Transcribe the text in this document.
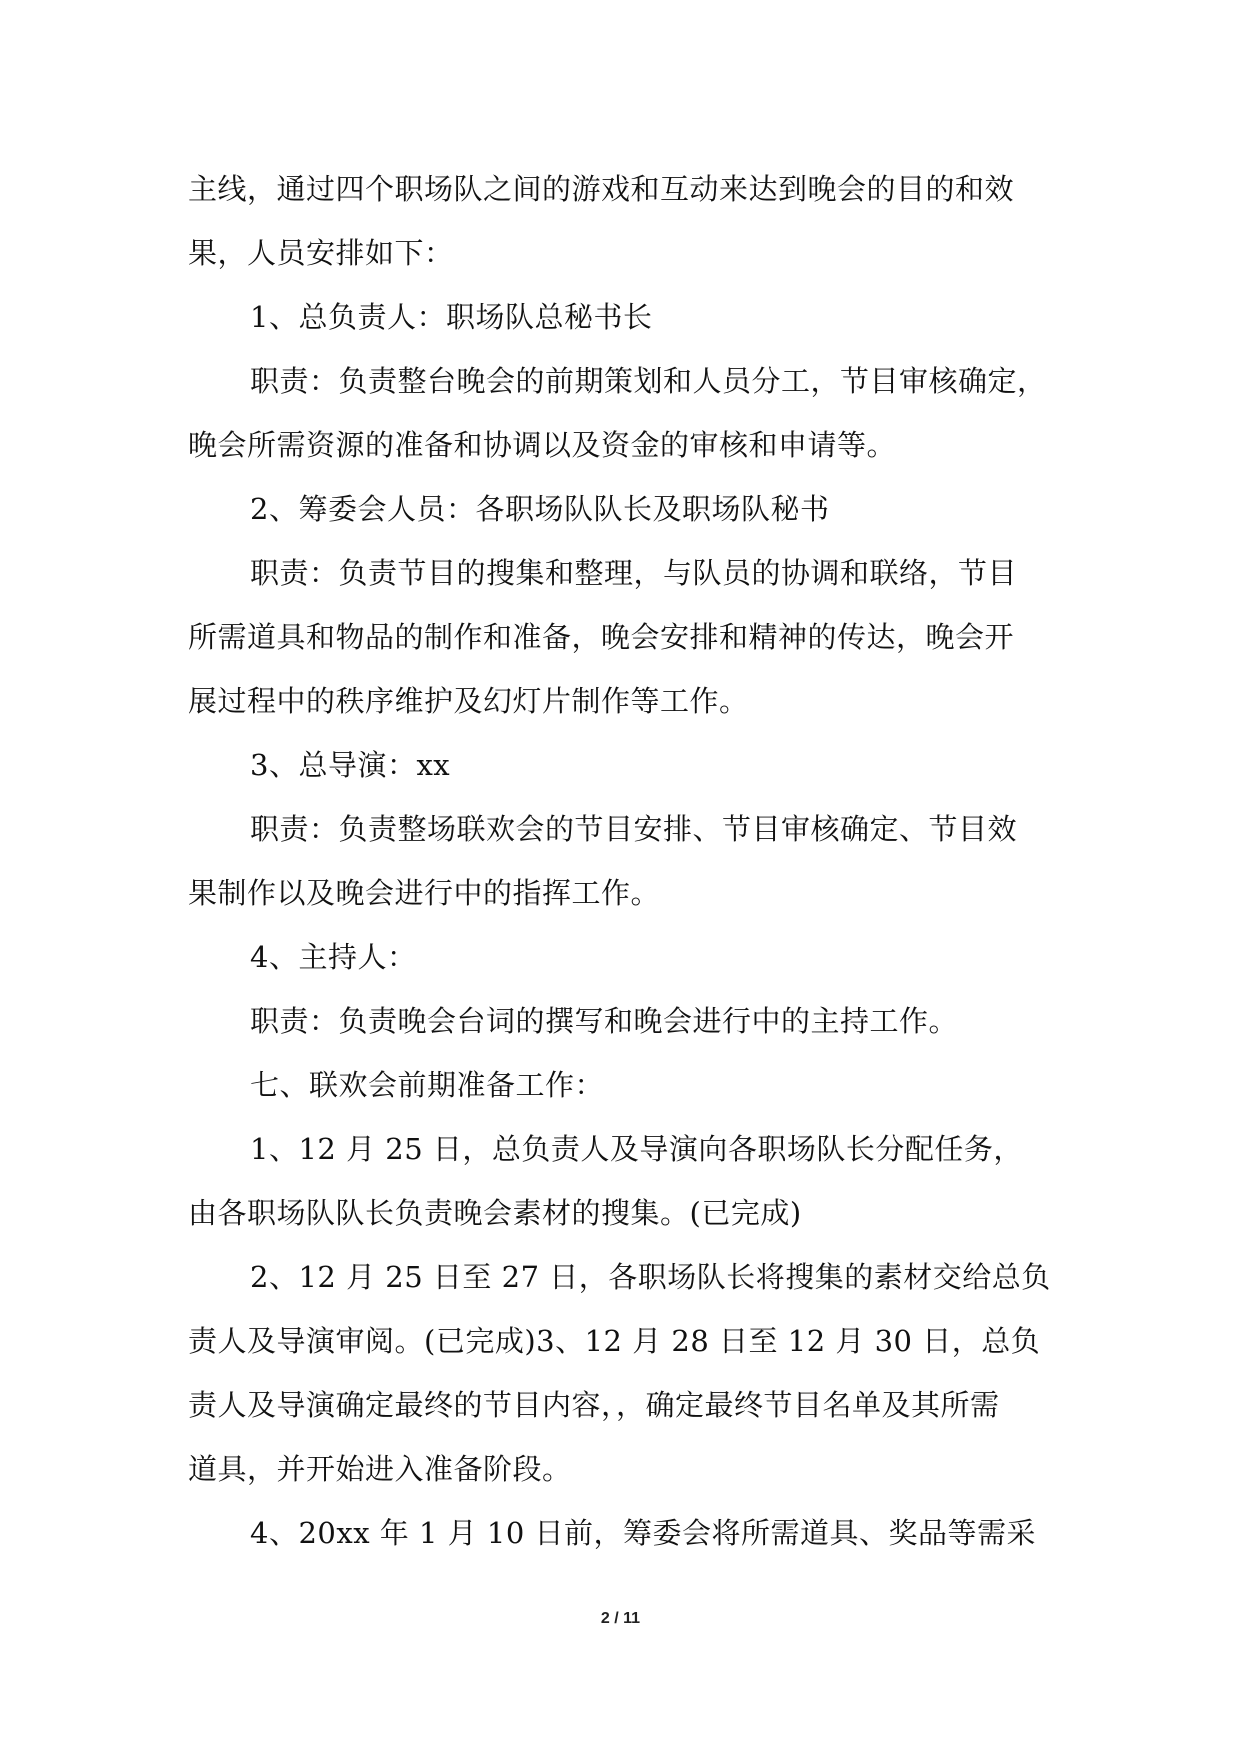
主线，通过四个职场队之间的游戏和互动来达到晚会的目的和效
果，人员安排如下：
1、总负责人：职场队总秘书长
职责：负责整台晚会的前期策划和人员分工，节目审核确定，
晚会所需资源的准备和协调以及资金的审核和申请等。
2、筹委会人员：各职场队队长及职场队秘书
职责：负责节目的搜集和整理，与队员的协调和联络，节目
所需道具和物品的制作和准备，晚会安排和精神的传达，晚会开
展过程中的秩序维护及幻灯片制作等工作。
3、总导演：xx
职责：负责整场联欢会的节目安排、节目审核确定、节目效
果制作以及晚会进行中的指挥工作。
4、主持人：
职责：负责晚会台词的撰写和晚会进行中的主持工作。
七、联欢会前期准备工作：
1、12 月 25 日，总负责人及导演向各职场队长分配任务，
由各职场队队长负责晚会素材的搜集。(已完成)
2、12 月 25 日至 27 日，各职场队长将搜集的素材交给总负
责人及导演审阅。(已完成)3、12 月 28 日至 12 月 30 日，总负
责人及导演确定最终的节目内容，，确定最终节目名单及其所需
道具，并开始进入准备阶段。
4、20xx 年 1 月 10 日前，筹委会将所需道具、奖品等需采
2 / 11
